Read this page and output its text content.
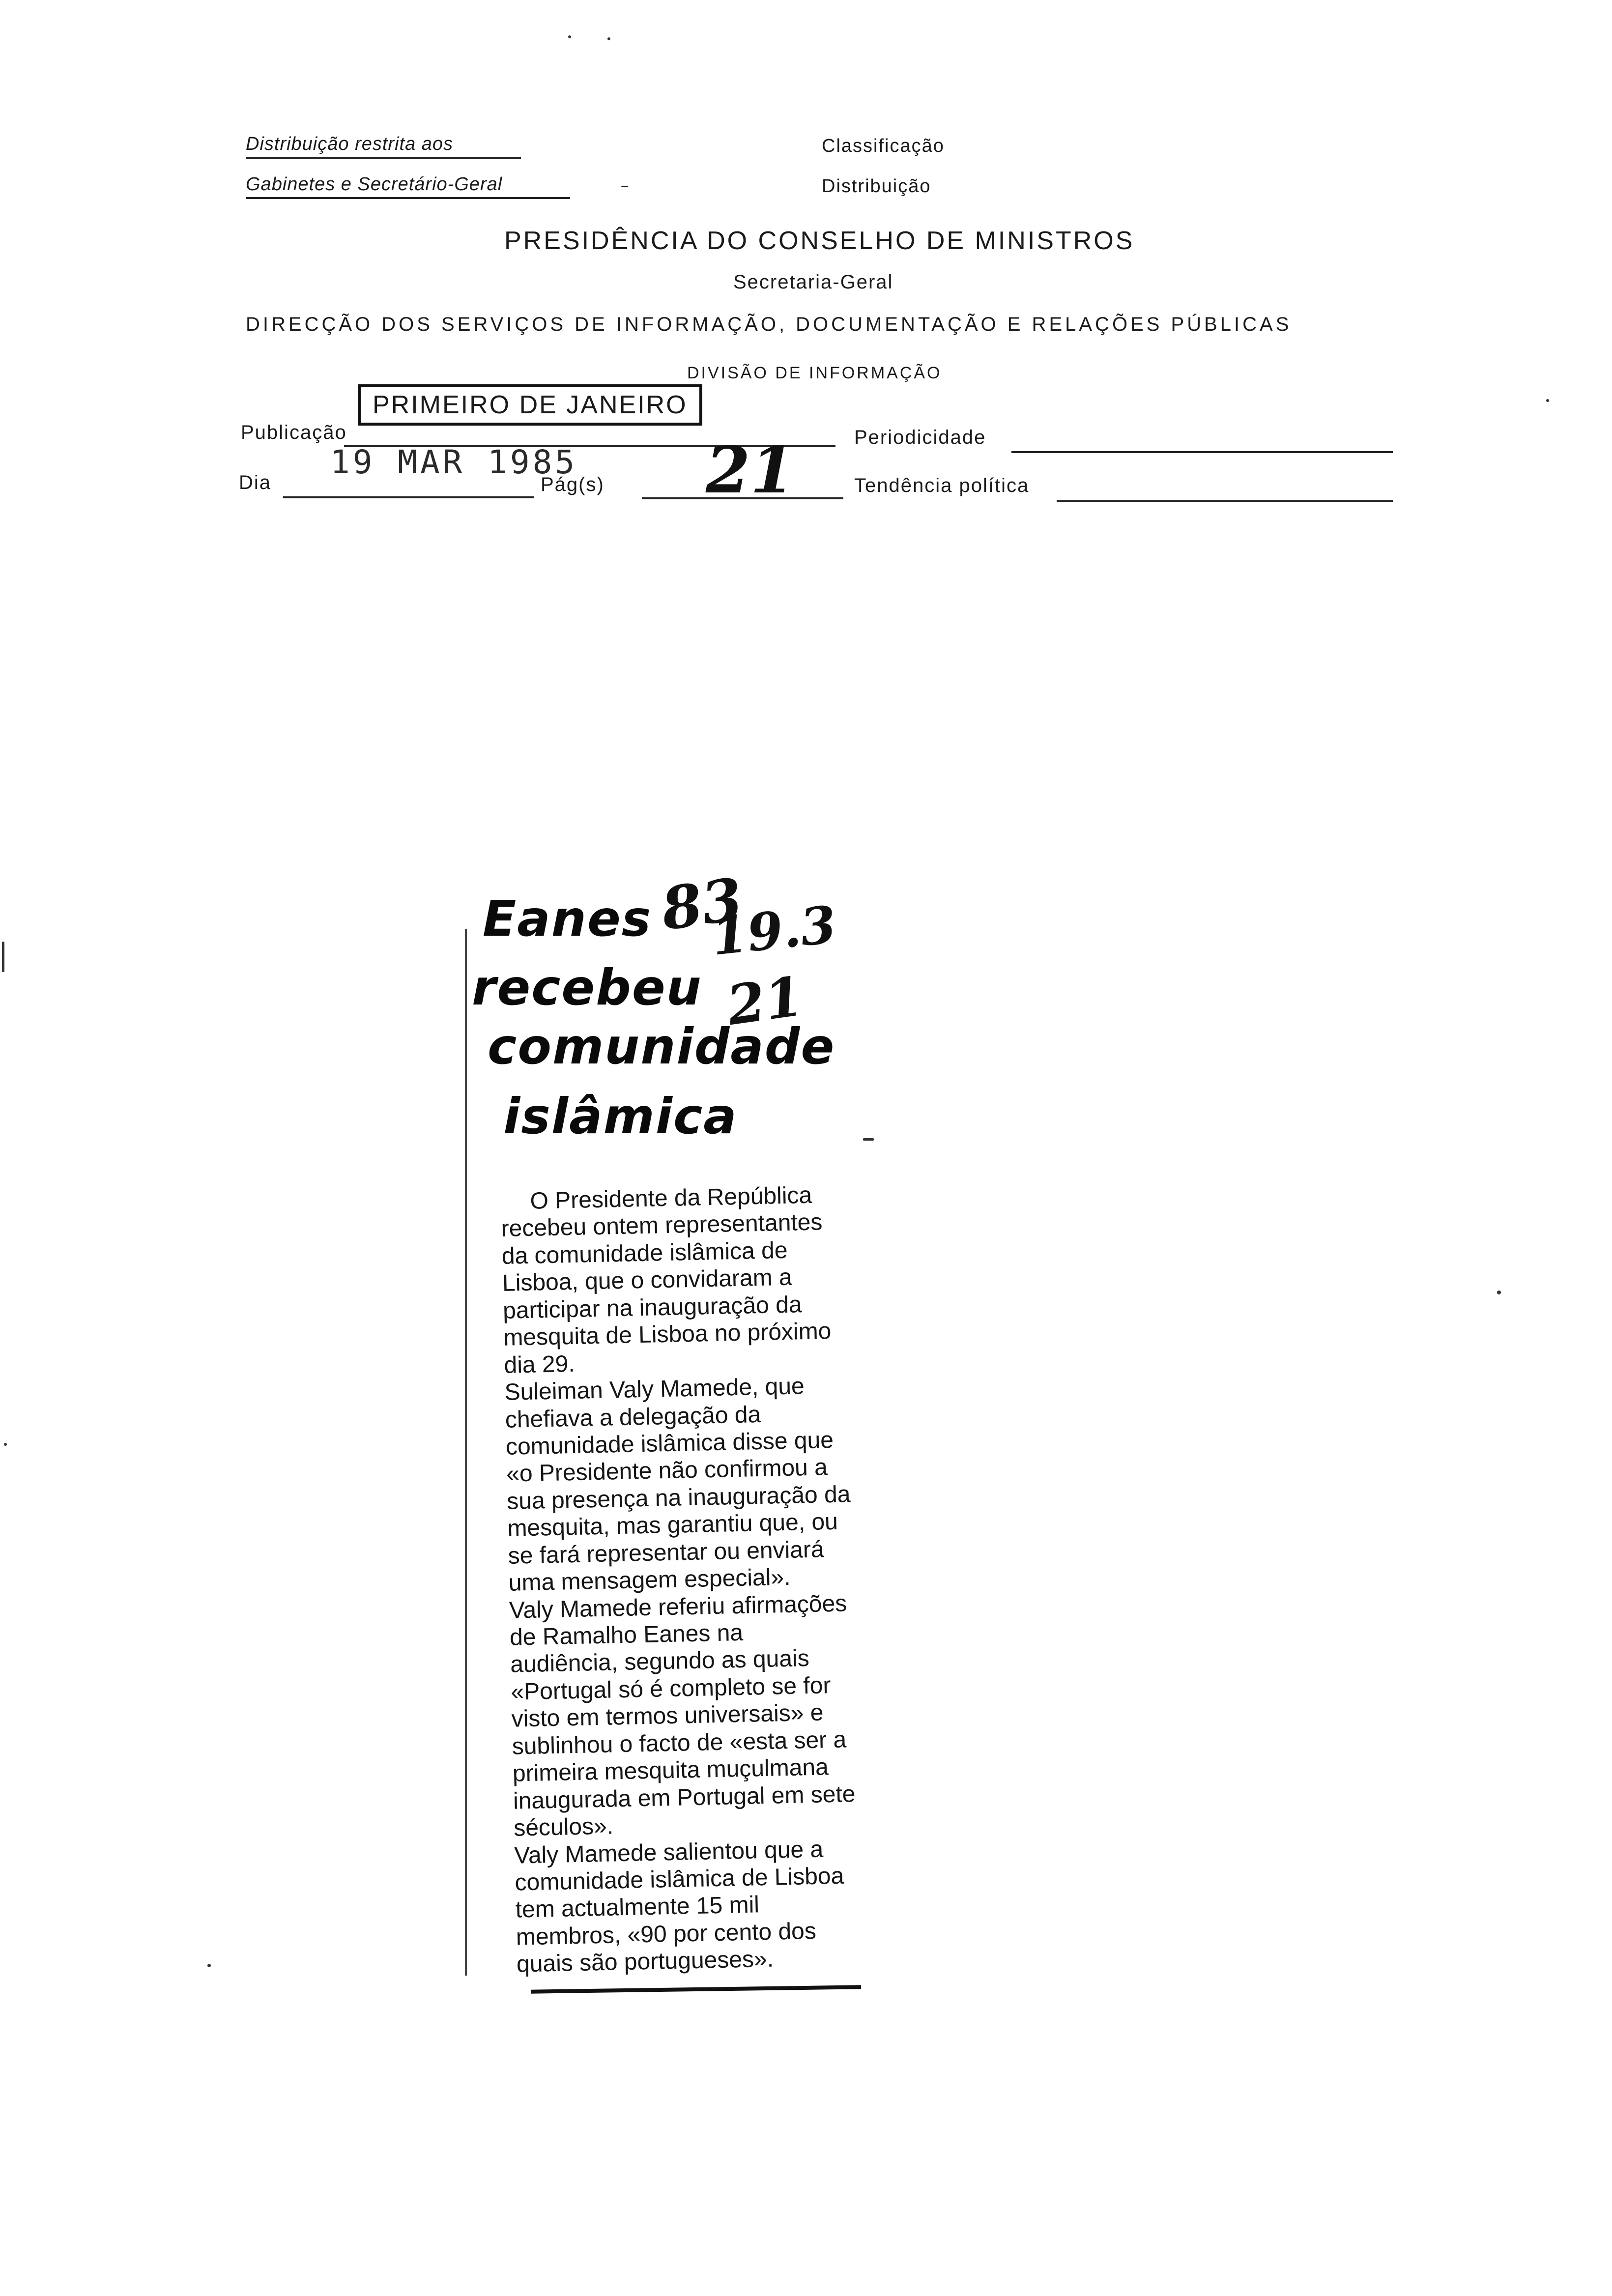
Distribuição restrita aos
Gabinetes e Secretário-Geral	⁻
Classificação
Distribuição
PRESIDÊNCIA DO CONSELHO DE MINISTROS
Secretaria-Geral
DIRECÇÃO DOS SERVIÇOS DE INFORMAÇÃO, DOCUMENTAÇÃO E RELAÇÕES PÚBLICAS
DIVISÃO DE INFORMAÇÃO
Publicação
PRIMEIRO DE JANEIRO
Periodicidade
Dia
19 MAR 1985
Pág(s) 21	Tendência política
Eanes
recebeu
comunidade
islâmica
83
19.3
21
O Presidente da República recebeu ontem representantes da comunidade islâmica de Lisboa, que o convidaram a participar na inauguração da mesquita de Lisboa no próximo dia 29.
Suleiman Valy Mamede, que chefiava a delegação da comunidade islâmica disse que «o Presidente não confirmou a sua presença na inauguração da mesquita, mas garantiu que, ou se fará representar ou enviará uma mensagem especial».
Valy Mamede referiu afirmações de Ramalho Eanes na audiência, segundo as quais «Portugal só é completo se for visto em termos universais» e sublinhou o facto de «esta ser a primeira mesquita muçulmana inaugurada em Portugal em sete séculos».
Valy Mamede salientou que a comunidade islâmica de Lisboa tem actualmente 15 mil membros, «90 por cento dos quais são portugueses».
